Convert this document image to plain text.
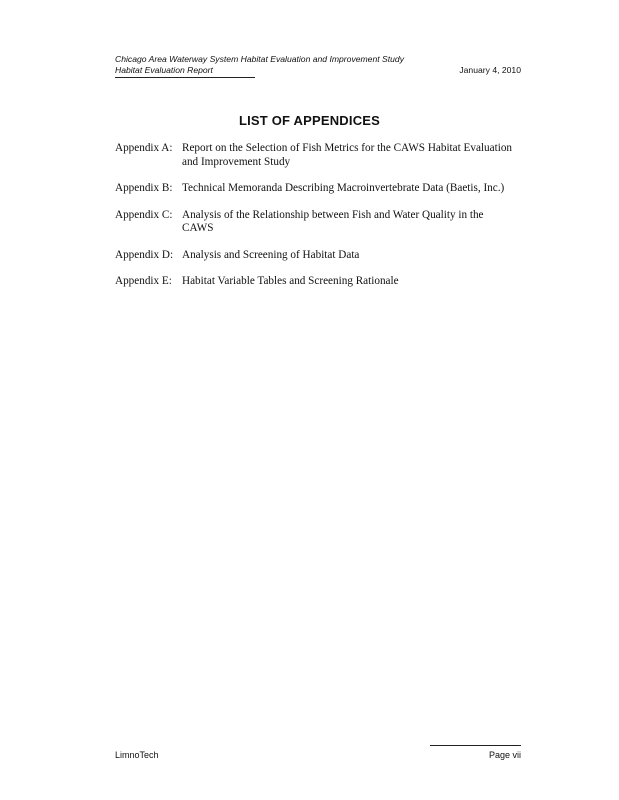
Chicago Area Waterway System Habitat Evaluation and Improvement Study
Habitat Evaluation Report	January 4, 2010
LIST OF APPENDICES
Appendix A: Report on the Selection of Fish Metrics for the CAWS Habitat Evaluation and Improvement Study
Appendix B: Technical Memoranda Describing Macroinvertebrate Data (Baetis, Inc.)
Appendix C: Analysis of the Relationship between Fish and Water Quality in the CAWS
Appendix D: Analysis and Screening of Habitat Data
Appendix E: Habitat Variable Tables and Screening Rationale
LimnoTech	Page vii
